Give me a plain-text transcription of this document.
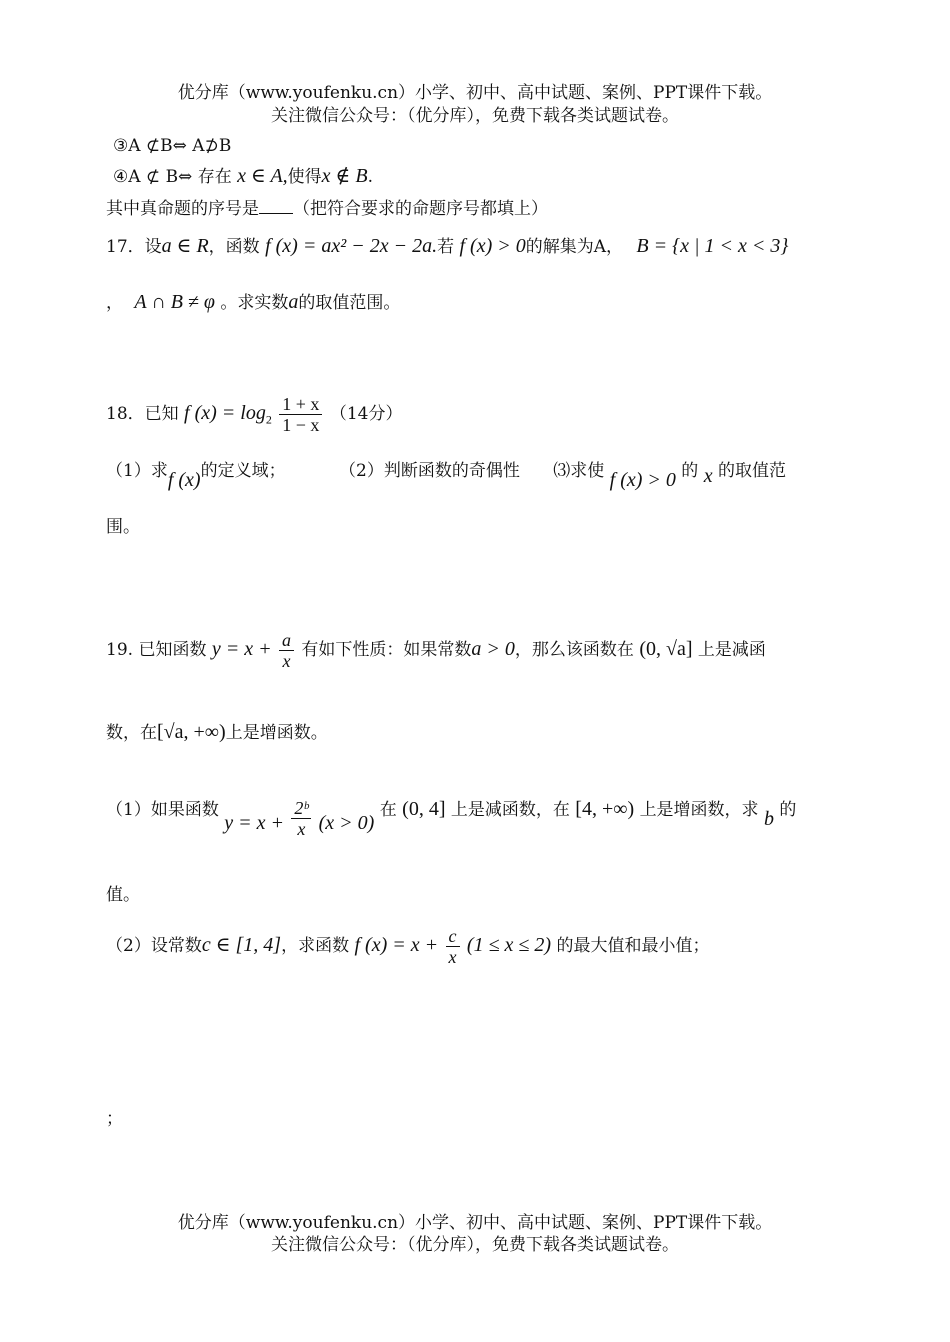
优分库（www.youfenku.cn）小学、初中、高中试题、案例、PPT课件下载。
关注微信公众号：（优分库），免费下载各类试题试卷。
③A ⊄B⇔ A⊅B
④A ⊄ B⇔ 存在 x ∈ A,使得x ∉ B.
其中真命题的序号是 （把符合要求的命题序号都填上）
17．设a ∈ R，函数 f (x) = ax² − 2x − 2a.若 f (x) > 0的解集为A， B = {x | 1 < x < 3}
， A ∩ B ≠ φ 。求实数a的取值范围。
18．已知 f $(x) = \log_2 \frac{1 + x}{1 - x} (14$分）
（1）求f (x)的定义域；	（2）判断函数的奇偶性 ⑶求使 f (x) > 0 的 x 的取值范
围。
19. 已知函数 $y = x + \frac{a}{x}$ 有如下性质：如果常数a > 0，那么该函数在 (0, √a] 上是减函
数，在[√a, +∞)上是增函数。
（1）如果函数 $y = x + \frac{\text{2ᵇ}}{x} (x > 0)$ 在 (0, 4] 上是减函数，在 [4, +∞) 上是增函数，求 b 的
值。
（2）设常数c ∈ [1, 4]，求函数 f $(x) = x + \frac{c}{x} (1 \le x \le 2)$ 的最大值和最小值；
；
优分库（www.youfenku.cn）小学、初中、高中试题、案例、PPT课件下载。
关注微信公众号：（优分库），免费下载各类试题试卷。
